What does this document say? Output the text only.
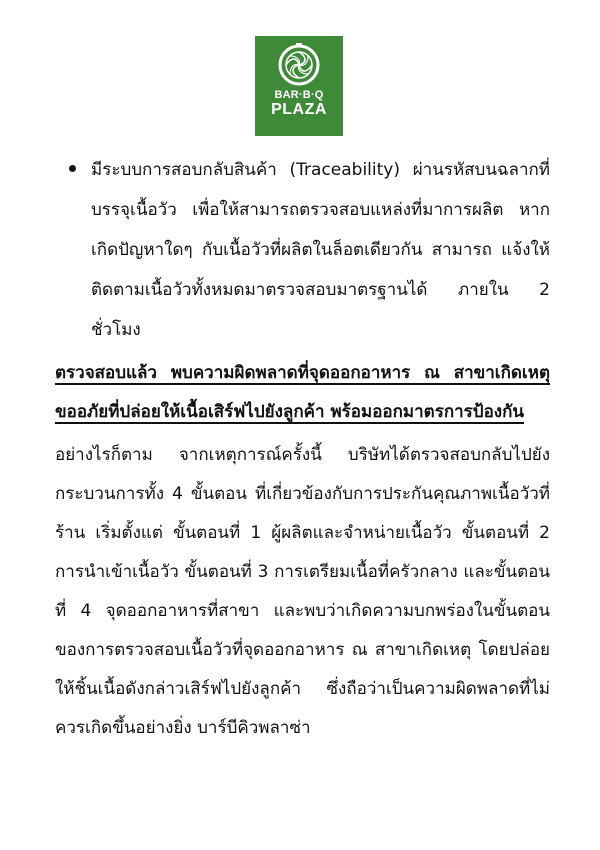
BAR·B·Q
PLAZA
มีระบบการสอบกลับสินค้า (Traceability) ผ่านรหัสบนฉลากที่บรรจุเนื้อวัว เพื่อให้สามารถตรวจสอบแหล่งที่มาการผลิต หากเกิดปัญหาใดๆ กับเนื้อวัวที่ผลิตในล็อตเดียวกัน สามารถ แจ้งให้ ติดตามเนื้อวัวทั้งหมดมาตรวจสอบมาตรฐานได้ ภายใน 2 ชั่วโมง
ตรวจสอบแล้ว พบความผิดพลาดที่จุดออกอาหาร ณ สาขาเกิดเหตุ ขออภัยที่ปล่อยให้เนื้อเสิร์ฟไปยังลูกค้า พร้อมออกมาตรการป้องกัน
อย่างไรก็ตาม จากเหตุการณ์ครั้งนี้ บริษัทได้ตรวจสอบกลับไปยังกระบวนการทั้ง 4 ขั้นตอน ที่เกี่ยวข้องกับการประกันคุณภาพเนื้อวัวที่ร้าน เริ่มตั้งแต่ ขั้นตอนที่ 1 ผู้ผลิตและจำหน่ายเนื้อวัว ขั้นตอนที่ 2 การนำเข้าเนื้อวัว ขั้นตอนที่ 3 การเตรียมเนื้อที่ครัวกลาง และขั้นตอนที่ 4 จุดออกอาหารที่สาขา และพบว่าเกิดความบกพร่องในขั้นตอนของการตรวจสอบเนื้อวัวที่จุดออกอาหาร ณ สาขาเกิดเหตุ โดยปล่อยให้ชิ้นเนื้อดังกล่าวเสิร์ฟไปยังลูกค้า ซึ่งถือว่าเป็นความผิดพลาดที่ไม่ควรเกิดขึ้นอย่างยิ่ง บาร์บีคิวพลาซ่า
